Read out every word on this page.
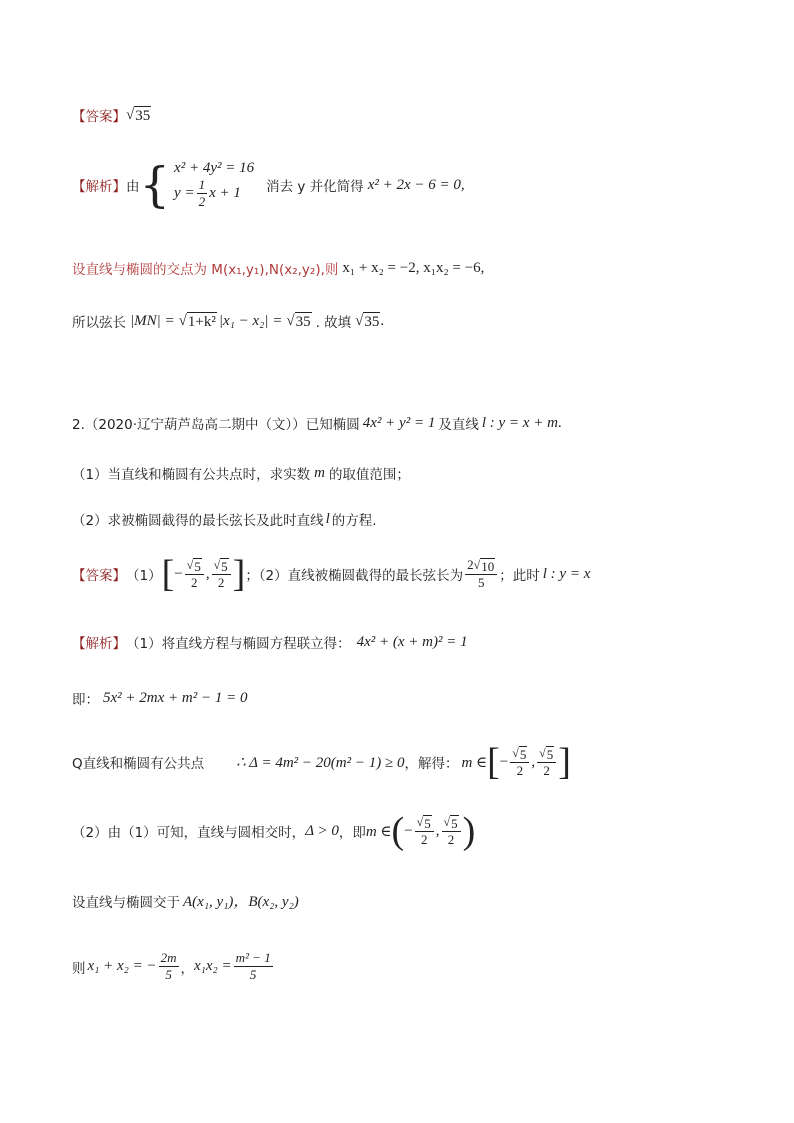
【答案】 √ 35
【解析】 由 { x² + 4y² = 16
$y = \frac{1}{2}$ x + 1 消去 y 并化简得 x² + 2x − 6 = 0,
设直线与椭圆的交点为 M(x₁,y₁),N(x₂,y₂),则 x₁ + x₂ = −2, x₁x₂ = −6,
所以弦长 |MN| = √ 1+k² |x₁ − x₂| = √ 35 . 故填 √ 35 .
2.（2020·辽宁葫芦岛高二期中（文））已知椭圆 4x² + y² = 1 及直线 l : y = x + m .
（1）当直线和椭圆有公共点时，求实数 m 的取值范围；
（2）求被椭圆截得的最长弦长及此时直线 l 的方程.
【答案】 （1） [ − $\frac{√ 5}{2}$ , $\frac{√ 5}{2}$ ] ；（2）直线被椭圆截得的最长弦长为 $\frac{2 √ 10}{5}$ ；此时 l : y = x
【解析】 （1）将直线方程与椭圆方程联立得： 4x² + (x + m)² = 1
即： 5x² + 2mx + m² − 1 = 0
Q直线和椭圆有公共点 ∴ Δ = 4m² − 20(m² − 1) ≥ 0 ，解得： m ∈ [ − $\frac{√ 5}{2}$ , $\frac{√ 5}{2}$ ]
（2）由（1）可知，直线与圆相交时， Δ > 0 ，即 m ∈ ( − $\frac{√ 5}{2}$ , $\frac{√ 5}{2}$ )
设直线与椭圆交于 A(x₁, y₁)，B(x₂, y₂)
则 x₁ + x₂ = − $\frac{2m}{5}$ ， $x_1x_2 = \frac{\text{m² − 1}}{5}$
